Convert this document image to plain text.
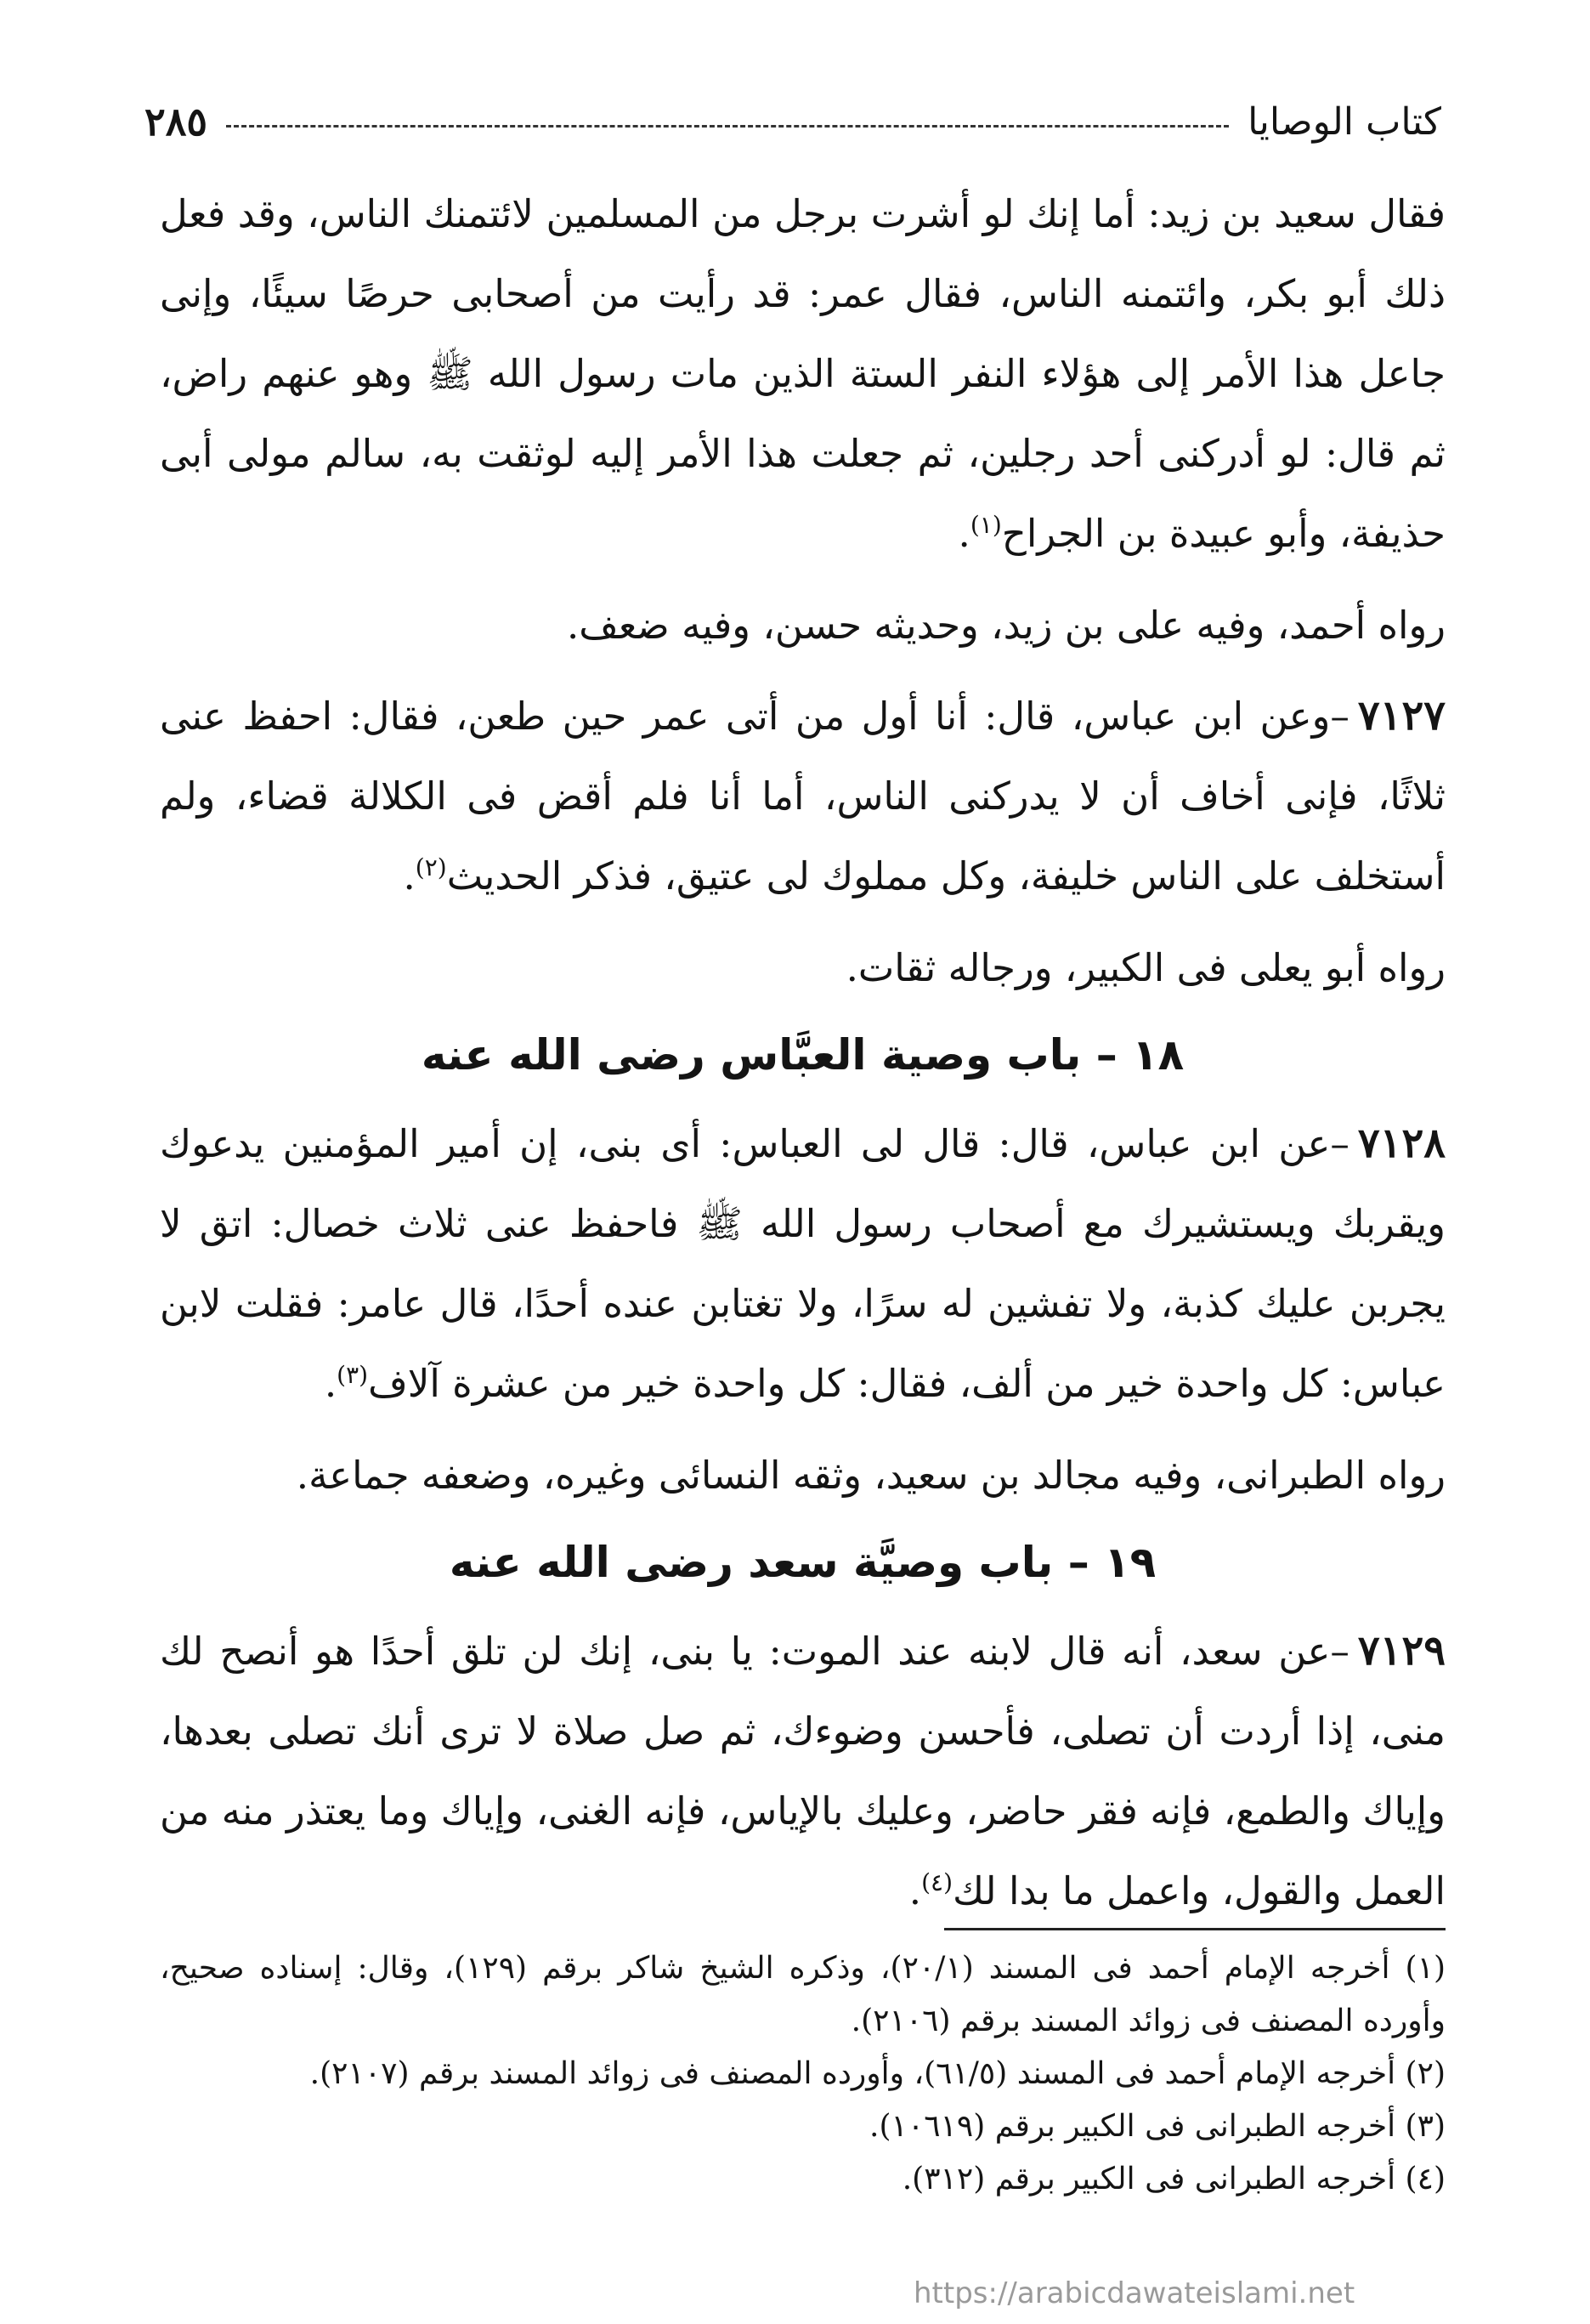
كتاب الوصايا
٢٨٥

فقال سعيد بن زيد: أما إنك لو أشرت برجل من المسلمين لائتمنك الناس، وقد فعل ذلك أبو بكر، وائتمنه الناس، فقال عمر: قد رأيت من أصحابى حرصًا سيئًا، وإنى جاعل هذا الأمر إلى هؤلاء النفر الستة الذين مات رسول الله ﷺ وهو عنهم راض، ثم قال: لو أدركنى أحد رجلين، ثم جعلت هذا الأمر إليه لوثقت به، سالم مولى أبى حذيفة، وأبو عبيدة بن الجراح$^{(١)}$.

رواه أحمد، وفيه على بن زيد، وحديثه حسن، وفيه ضعف.

٧١٢٧–وعن ابن عباس، قال: أنا أول من أتى عمر حين طعن، فقال: احفظ عنى ثلاثًا، فإنى أخاف أن لا يدركنى الناس، أما أنا فلم أقض فى الكلالة قضاء، ولم أستخلف على الناس خليفة، وكل مملوك لى عتيق، فذكر الحديث$^{(٢)}$.

رواه أبو يعلى فى الكبير، ورجاله ثقات.

١٨ – باب وصية العبَّاس رضى الله عنه

٧١٢٨–عن ابن عباس، قال: قال لى العباس: أى بنى، إن أمير المؤمنين يدعوك ويقربك ويستشيرك مع أصحاب رسول الله ﷺ فاحفظ عنى ثلاث خصال: اتق لا يجربن عليك كذبة، ولا تفشين له سرًا، ولا تغتابن عنده أحدًا، قال عامر: فقلت لابن عباس: كل واحدة خير من ألف، فقال: كل واحدة خير من عشرة آلاف$^{(٣)}$.

رواه الطبرانى، وفيه مجالد بن سعيد، وثقه النسائى وغيره، وضعفه جماعة.

١٩ – باب وصيَّة سعد رضى الله عنه

٧١٢٩–عن سعد، أنه قال لابنه عند الموت: يا بنى، إنك لن تلق أحدًا هو أنصح لك منى، إذا أردت أن تصلى، فأحسن وضوءك، ثم صل صلاة لا ترى أنك تصلى بعدها، وإياك والطمع، فإنه فقر حاضر، وعليك بالإياس، فإنه الغنى، وإياك وما يعتذر منه من العمل والقول، واعمل ما بدا لك$^{(٤)}$.

(١) أخرجه الإمام أحمد فى المسند (٢٠/١)، وذكره الشيخ شاكر برقم (١٢٩)، وقال: إسناده صحيح، وأورده المصنف فى زوائد المسند برقم (٢١٠٦).

(٢) أخرجه الإمام أحمد فى المسند (٦١/٥)، وأورده المصنف فى زوائد المسند برقم (٢١٠٧).

(٣) أخرجه الطبرانى فى الكبير برقم (١٠٦١٩).

(٤) أخرجه الطبرانى فى الكبير برقم (٣١٢).

https://arabicdawateislami.net
